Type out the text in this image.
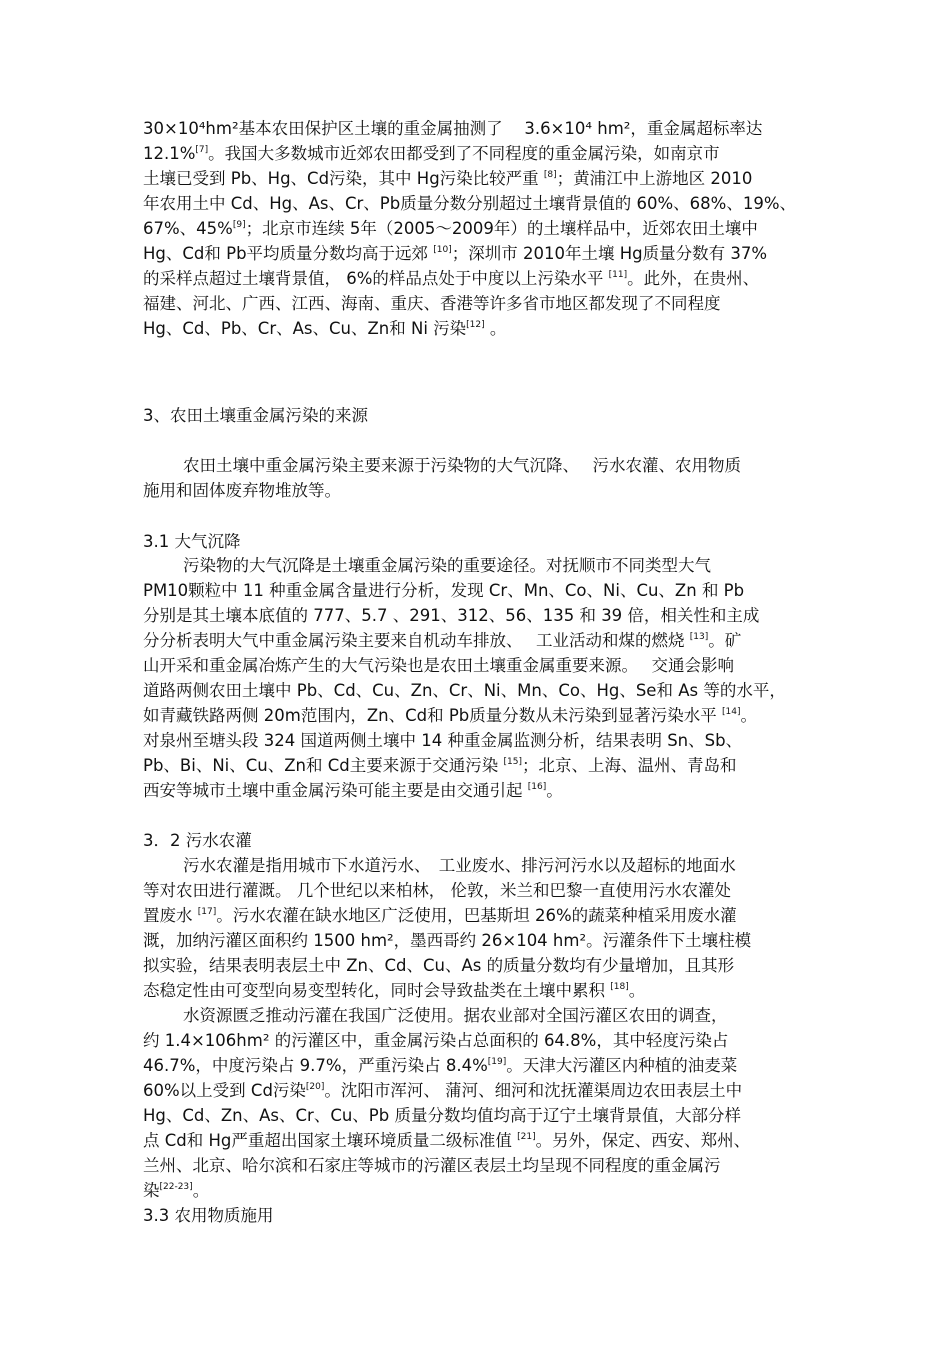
30×10⁴hm²基本农田保护区土壤的重金属抽测了　 3.6×10⁴ hm²，重金属超标率达

12.1%[7]。我国大多数城市近郊农田都受到了不同程度的重金属污染，如南京市

土壤已受到 Pb、Hg、Cd污染，其中 Hg污染比较严重 [8]；黄浦江中上游地区 2010

年农用土中 Cd、Hg、As、Cr、Pb质量分数分别超过土壤背景值的 60%、68%、19%、

67%、45%[9]；北京市连续 5年（2005～2009年）的土壤样品中，近郊农田土壤中

Hg、Cd和 Pb平均质量分数均高于远郊 [10]；深圳市 2010年土壤 Hg质量分数有 37%

的采样点超过土壤背景值， 6%的样品点处于中度以上污染水平 [11]。此外，在贵州、

福建、河北、广西、江西、海南、重庆、香港等许多省市地区都发现了不同程度

Hg、Cd、Pb、Cr、As、Cu、Zn和 Ni 污染[12] 。

3、农田土壤重金属污染的来源

农田土壤中重金属污染主要来源于污染物的大气沉降、　 污水农灌、农用物质

施用和固体废弃物堆放等。

3.1 大气沉降

污染物的大气沉降是土壤重金属污染的重要途径。对抚顺市不同类型大气

PM10颗粒中 11 种重金属含量进行分析，发现 Cr、Mn、Co、Ni、Cu、Zn 和 Pb

分别是其土壤本底值的 777、5.7 、291、312、56、135 和 39 倍，相关性和主成

分分析表明大气中重金属污染主要来自机动车排放、　 工业活动和煤的燃烧 [13]。矿

山开采和重金属冶炼产生的大气污染也是农田土壤重金属重要来源。　 交通会影响

道路两侧农田土壤中 Pb、Cd、Cu、Zn、Cr、Ni、Mn、Co、Hg、Se和 As 等的水平，

如青藏铁路两侧 20m范围内，Zn、Cd和 Pb质量分数从未污染到显著污染水平 [14]。

对泉州至塘头段 324 国道两侧土壤中 14 种重金属监测分析，结果表明 Sn、Sb、

Pb、Bi、Ni、Cu、Zn和 Cd主要来源于交通污染 [15]；北京、上海、温州、青岛和

西安等城市土壤中重金属污染可能主要是由交通引起 [16]。

3．2 污水农灌

污水农灌是指用城市下水道污水、　工业废水、排污河污水以及超标的地面水

等对农田进行灌溉。 几个世纪以来柏林， 伦敦，米兰和巴黎一直使用污水农灌处

置废水 [17]。污水农灌在缺水地区广泛使用，巴基斯坦 26%的蔬菜种植采用废水灌

溉，加纳污灌区面积约 1500 hm²，墨西哥约 26×104 hm²。污灌条件下土壤柱模

拟实验，结果表明表层土中 Zn、Cd、Cu、As 的质量分数均有少量增加，且其形

态稳定性由可变型向易变型转化，同时会导致盐类在土壤中累积 [18]。

水资源匮乏推动污灌在我国广泛使用。据农业部对全国污灌区农田的调查，

约 1.4×106hm² 的污灌区中，重金属污染占总面积的 64.8%，其中轻度污染占

46.7%，中度污染占 9.7%，严重污染占 8.4%[19]。天津大污灌区内种植的油麦菜

60%以上受到 Cd污染[20]。沈阳市浑河、 蒲河、细河和沈抚灌渠周边农田表层土中

Hg、Cd、Zn、As、Cr、Cu、Pb 质量分数均值均高于辽宁土壤背景值，大部分样

点 Cd和 Hg严重超出国家土壤环境质量二级标准值 [21]。另外，保定、西安、郑州、

兰州、北京、哈尔滨和石家庄等城市的污灌区表层土均呈现不同程度的重金属污

染[22-23]。

3.3 农用物质施用
